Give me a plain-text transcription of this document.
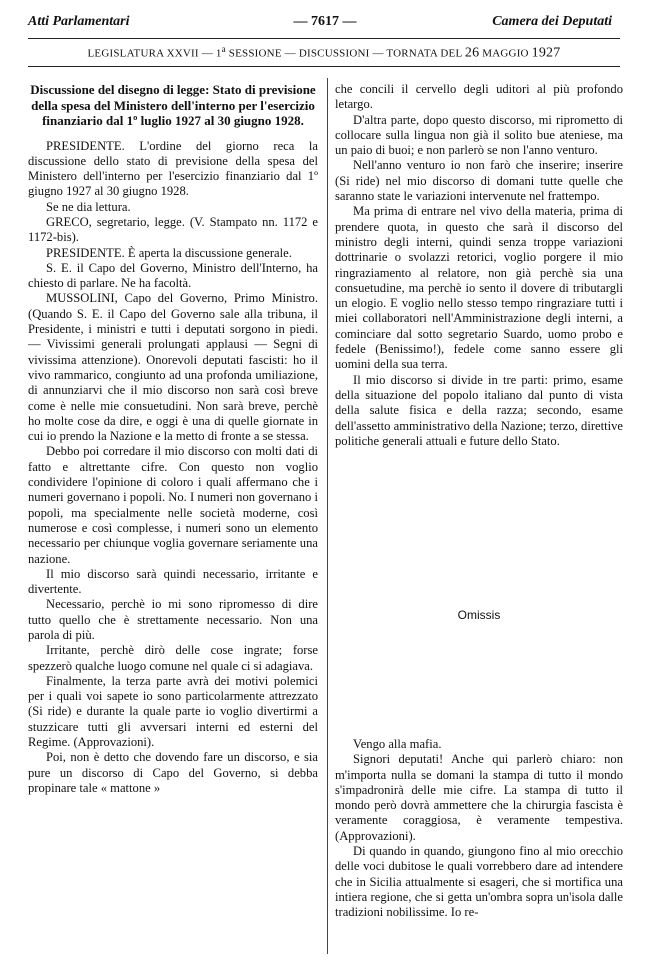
Atti Parlamentari	— 7617 —	Camera dei Deputati
LEGISLATURA XXVII — 1$^a$ SESSIONE — DISCUSSIONI — TORNATA DEL 26 MAGGIO 1927
Discussione del disegno di legge: Stato di previsione della spesa del Ministero dell'interno per l'esercizio finanziario dal 1º luglio 1927 al 30 giugno 1928.

PRESIDENTE. L'ordine del giorno reca la discussione dello stato di previsione della spesa del Ministero dell'interno per l'esercizio finanziario dal 1º giugno 1927 al 30 giugno 1928.

Se ne dia lettura.

GRECO, segretario, legge. (V. Stampato nn. 1172 e 1172-bis).

PRESIDENTE. È aperta la discussione generale.

S. E. il Capo del Governo, Ministro dell'Interno, ha chiesto di parlare. Ne ha facoltà.

MUSSOLINI, Capo del Governo, Primo Ministro. (Quando S. E. il Capo del Governo sale alla tribuna, il Presidente, i ministri e tutti i deputati sorgono in piedi. — Vivissimi generali prolungati applausi — Segni di vivissima attenzione). Onorevoli deputati fascisti: ho il vivo rammarico, congiunto ad una profonda umiliazione, di annunziarvi che il mio discorso non sarà così breve come è nelle mie consuetudini. Non sarà breve, perchè ho molte cose da dire, e oggi è una di quelle giornate in cui io prendo la Nazione e la metto di fronte a se stessa.

Debbo poi corredare il mio discorso con molti dati di fatto e altrettante cifre. Con questo non voglio condividere l'opinione di coloro i quali affermano che i numeri governano i popoli. No. I numeri non governano i popoli, ma specialmente nelle società moderne, così numerose e così complesse, i numeri sono un elemento necessario per chiunque voglia governare seriamente una nazione.

Il mio discorso sarà quindi necessario, irritante e divertente.

Necessario, perchè io mi sono ripromesso di dire tutto quello che è strettamente necessario. Non una parola di più.

Irritante, perchè dirò delle cose ingrate; forse spezzerò qualche luogo comune nel quale ci si adagiava.

Finalmente, la terza parte avrà dei motivi polemici per i quali voi sapete io sono particolarmente attrezzato (Si ride) e durante la quale parte io voglio divertirmi a stuzzicare tutti gli avversari interni ed esterni del Regime. (Approvazioni).

Poi, non è detto che dovendo fare un discorso, e sia pure un discorso di Capo del Governo, si debba propinare tale « mattone »

che concili il cervello degli uditori al più profondo letargo.

D'altra parte, dopo questo discorso, mi riprometto di collocare sulla lingua non già il solito bue ateniese, ma un paio di buoi; e non parlerò se non l'anno venturo.

Nell'anno venturo io non farò che inserire; inserire (Si ride) nel mio discorso di domani tutte quelle che saranno state le variazioni intervenute nel frattempo.

Ma prima di entrare nel vivo della materia, prima di prendere quota, in questo che sarà il discorso del ministro degli interni, quindi senza troppe variazioni dottrinarie o svolazzi retorici, voglio porgere il mio ringraziamento al relatore, non già perchè sia una consuetudine, ma perchè io sento il dovere di tributargli un elogio. E voglio nello stesso tempo ringraziare tutti i miei collaboratori nell'Amministrazione degli interni, a cominciare dal sotto segretario Suardo, uomo probo e fedele (Benissimo!), fedele come sanno essere gli uomini della sua terra.

Il mio discorso si divide in tre parti: primo, esame della situazione del popolo italiano dal punto di vista della salute fisica e della razza; secondo, esame dell'assetto amministrativo della Nazione; terzo, direttive politiche generali attuali e future dello Stato.

Omissis

Vengo alla mafia.

Signori deputati! Anche qui parlerò chiaro: non m'importa nulla se domani la stampa di tutto il mondo s'impadronirà delle mie cifre. La stampa di tutto il mondo però dovrà ammettere che la chirurgia fascista è veramente coraggiosa, è veramente tempestiva. (Approvazioni).

Di quando in quando, giungono fino al mio orecchio delle voci dubitose le quali vorrebbero dare ad intendere che in Sicilia attualmente si esageri, che si mortifica una intiera regione, che si getta un'ombra sopra un'isola dalle tradizioni nobilissime. Io re-
